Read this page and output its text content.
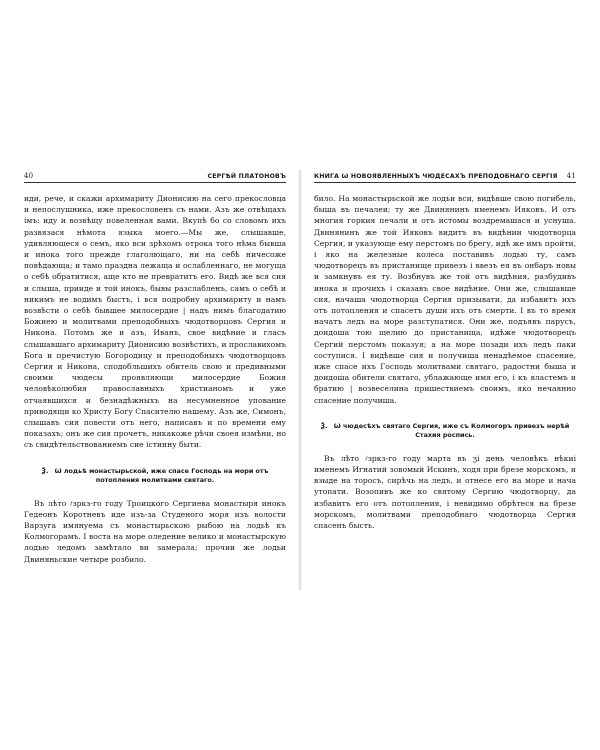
40	СЕРГѢЙ ПЛАТОНОВЪ

иди, рече, и скажи архимариту Дионисию на сего прекословца и непослушника, иже прекословенъ съ нами. Азъ же отвѣщахъ імъ: иду и возвѣщу повеленная вами. Вкупѣ бо со словомъ ихъ развязася нѣмота языка моего.—Мы же, слышавше, удивляющеся о семъ, яко вси зрѣхомъ отрока того нѣма бывша и инока того прежде глаголющаго, ни на себѣ ничесоже повѣдающа; и тамо праздна лежаща и ослабленнаго, не могуща о себѣ обратитися, аще кто не превратитъ его. Видѣ же вся сия и слыша, прииде и той инокъ, бывы разслабленъ, самъ о себѣ и никимъ не водимъ быстъ, і вся подробну архимариту и намъ возвѣсти о себѣ бывшее милосердие | надъ нимъ благодатию Божиею и молитвами преподобныхъ чюдотворцовъ Сергия и Никона. Потомъ же и азъ, Иванъ, свое видѣние и гласъ слышавшаго архимариту Дионисию возвѣстихъ, и прославихомъ Бога и пречистую Богородицу и преподобныхъ чюдотворцовъ Сергия и Никона, сподобльшихъ обитель свою и предивными своими чюдесы проявляющи милосердие Божия человѣколюбия православныхъ христианомъ и уже отчаявшихся и безнадѣжныхъ на несумненное упование приводящи ко Христу Богу Спасителю нашему. Азъ же, Симонъ, слышавъ сия повести отъ него, написавъ и по времени ему показахъ; онъ же сия прочетъ, никакоже рѣчи своея измѣни, но съ свидѣтельствованиемъ сие істинну быти.

Ѯ. Ѡ лодьѣ монастырьской, иже спасе Господь на мори отъ потопления молитвами святаго.

Въ лѣто ҂зркз-го году Троицкого Сергиева монастыря инокъ Гедеонъ Коротневъ иде изъ-за Студеного моря изъ волости Варзуга имянуема съ монастырьскою рыбою на лодьѣ къ Колмогорамъ. І воста на море оледение велико и монастырскую лодью ледомъ замѣтало ви замерала; прочии же лодьи Двиняньские четыре розбило.

КНИГА Ѡ НОВОЯВЛЕННЫХЪ ЧЮДЕСАХЪ ПРЕПОДОБНАГО СЕРГIЯ 41

било. На монастырьской же лодьи вси, видѣвше свою погибель, быша въ печалеи; ту же Двинянинъ именемъ Ияковъ. И отъ многия горкия печали и отъ истомы воздремашася и уснуша. Двинянинъ же той Ияковъ видитъ въ видѣнии чюдотворца Сергия, и указующе ему перстомъ по брегу, идѣ же имъ пройти, і яко на железные колеса поставивъ лодью ту, самъ чюдотворецъ въ пристанище привезъ і ввезъ ея въ онбаръ новы и замкнувъ ея ту. Возбнувъ же той отъ видѣния, разбудивъ инока и прочихъ і сказавъ свое видѣние. Они же, слышавше сия, начаша чюдотворца Сергия призывати, да избавитъ ихъ отъ потопления и спасетъ души ихъ отъ смерти. І въ то время начатъ ледъ на море разступатися. Они же, подъявъ парусъ, доидоша тою щелию до пристанища, идѣже чюдотворецъ Сергий перстомъ показуя; а на море позади ихъ ледъ паки соступися. І видѣвше сия и получиша ненадѣемое спасение, иже спасе ихъ Господь молитвами святаго, радостни быша и доидоша обители святаго, ублажающе имя его, і къ властемъ и братию | возвеселина пришествиемъ своимъ, яко нечаянно спасение получиша.

Ѯ. Ѡ чюдесѣхъ святаго Сергия, иже съ Колмогоръ привезъ нерѣй Стахия роспись.

Въ лѣто ҂зркз-го году марта въ ӡі день человѣкъ нѣкиі именемъ Игнатий зовомый Искинъ, ходя при брезе морскомъ, и взыде на торосъ, сирѣчь на ледъ, и отнесе его на море и нача утопати. Возопивъ же ко святому Сергию чюдотворцу, да избавитъ его отъ потопления, і невидимо обрѣтеся на брезе морскомъ, молитвами преподобнаго чюдотворца Сергия спасенъ бысть.
